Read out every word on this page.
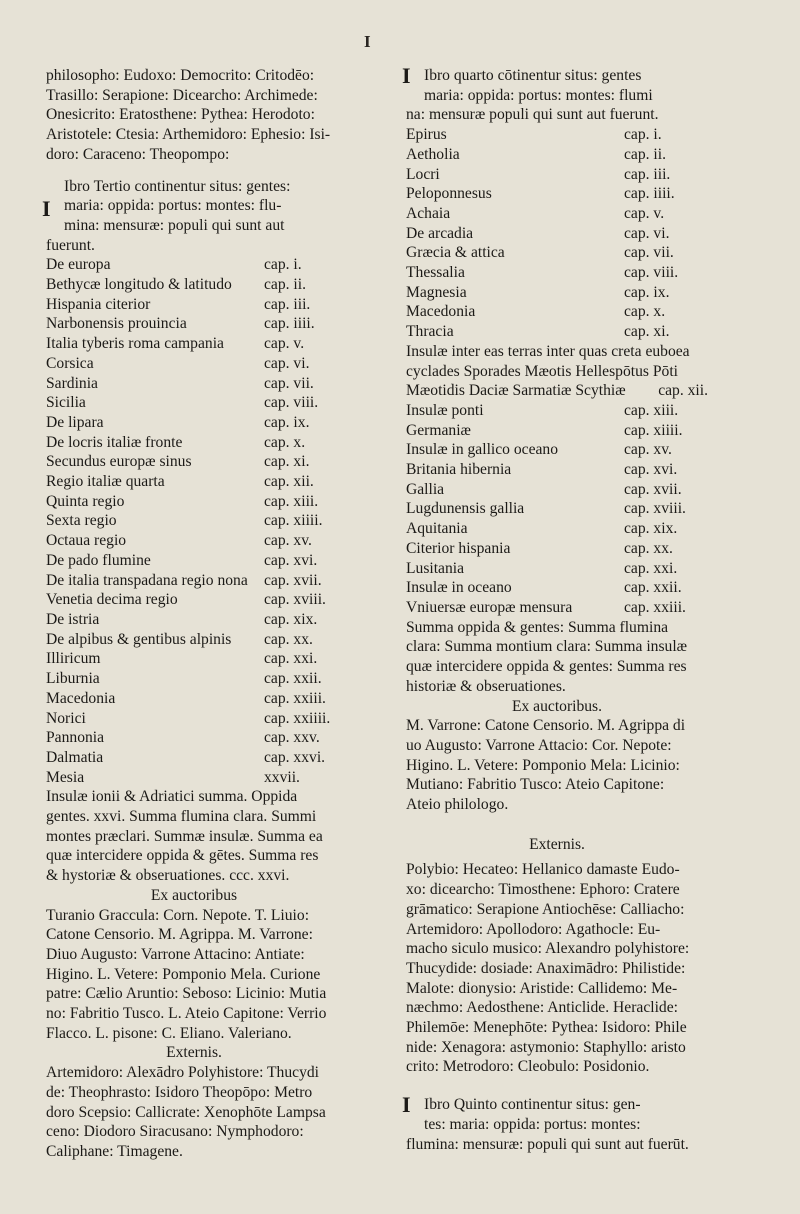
I
philosopho: Eudoxo: Democrito: Critodēo:
Trasillo: Serapione: Dicearcho: Archimede:
Onesicrito: Eratosthene: Pythea: Herodoto:
Aristotele: Ctesia: Arthemidoro: Ephesio: Isi-
doro: Caraceno: Theopompo:
I
Ibro Tertio continentur situs: gentes:
maria: oppida: portus: montes: flu-
mina: mensuræ: populi qui sunt aut
fuerunt.
De europa	cap. i.
Bethycæ longitudo & latitudo cap. ii.
Hispania citerior	cap. iii.
Narbonensis prouincia	cap. iiii.
Italia tyberis roma campania	cap. v.
Corsica	cap. vi.
Sardinia	cap. vii.
Sicilia	cap. viii.
De lipara	cap. ix.
De locris italiæ fronte	cap. x.
Secundus europæ sinus	cap. xi.
Regio italiæ quarta	cap. xii.
Quinta regio	cap. xiii.
Sexta regio	cap. xiiii.
Octaua regio	cap. xv.
De pado flumine	cap. xvi.
De italia transpadana regio nona cap. xvii.
Venetia decima regio	cap. xviii.
De istria	cap. xix.
De alpibus & gentibus alpinis cap. xx.
Illiricum	cap. xxi.
Liburnia	cap. xxii.
Macedonia	cap. xxiii.
Norici	cap. xxiiii.
Pannonia	cap. xxv.
Dalmatia	cap. xxvi.
Mesia	xxvii.
Insulæ ionii & Adriatici summa. Oppida
gentes. xxvi. Summa flumina clara. Summi
montes præclari. Summæ insulæ. Summa ea
quæ intercidere oppida & gētes. Summa res
& hystoriæ & obseruationes. ccc. xxvi.
Ex auctoribus
Turanio Graccula: Corn. Nepote. T. Liuio:
Catone Censorio. M. Agrippa. M. Varrone:
Diuo Augusto: Varrone Attacino: Antiate:
Higino. L. Vetere: Pomponio Mela. Curione
patre: Cælio Aruntio: Seboso: Licinio: Mutia
no: Fabritio Tusco. L. Ateio Capitone: Verrio
Flacco. L. pisone: C. Eliano. Valeriano.
Externis.
Artemidoro: Alexādro Polyhistore: Thucydi
de: Theophrasto: Isidoro Theopōpo: Metro
doro Scepsio: Callicrate: Xenophōte Lampsa
ceno: Diodoro Siracusano: Nymphodoro:
Caliphane: Timagene.
I Ibro quarto cōtinentur situs: gentes
maria: oppida: portus: montes: flumi
na: mensuræ populi qui sunt aut fuerunt.
Epirus	cap. i.
Aetholia	cap. ii.
Locri	cap. iii.
Peloponnesus	cap. iiii.
Achaia	cap. v.
De arcadia	cap. vi.
Græcia & attica	cap. vii.
Thessalia	cap. viii.
Magnesia	cap. ix.
Macedonia	cap. x.
Thracia	cap. xi.
Insulæ inter eas terras inter quas creta euboea
cyclades Sporades Mæotis Hellespōtus Pōti
Mæotidis Daciæ Sarmatiæ Scythiæ cap. xii.
Insulæ ponti	cap. xiii.
Germaniæ	cap. xiiii.
Insulæ in gallico oceano	cap. xv.
Britania hibernia	cap. xvi.
Gallia	cap. xvii.
Lugdunensis gallia	cap. xviii.
Aquitania	cap. xix.
Citerior hispania	cap. xx.
Lusitania	cap. xxi.
Insulæ in oceano	cap. xxii.
Vniuersæ europæ mensura	cap. xxiii.
Summa oppida & gentes: Summa flumina
clara: Summa montium clara: Summa insulæ
quæ intercidere oppida & gentes: Summa res
historiæ & obseruationes.
Ex auctoribus.
M. Varrone: Catone Censorio. M. Agrippa di
uo Augusto: Varrone Attacio: Cor. Nepote:
Higino. L. Vetere: Pomponio Mela: Licinio:
Mutiano: Fabritio Tusco: Ateio Capitone:
Ateio philologo.
Externis.
Polybio: Hecateo: Hellanico damaste Eudo-
xo: dicearcho: Timosthene: Ephoro: Cratere
grāmatico: Serapione Antiochēse: Calliacho:
Artemidoro: Apollodoro: Agathocle: Eu-
macho siculo musico: Alexandro polyhistore:
Thucydide: dosiade: Anaximādro: Philistide:
Malote: dionysio: Aristide: Callidemo: Me-
næchmo: Aedosthene: Anticlide. Heraclide:
Philemōe: Menephōte: Pythea: Isidoro: Phile
nide: Xenagora: astymonio: Staphyllo: aristo
crito: Metrodoro: Cleobulo: Posidonio.
I Ibro Quinto continentur situs: gen-
tes: maria: oppida: portus: montes:
flumina: mensuræ: populi qui sunt aut fuerūt.
